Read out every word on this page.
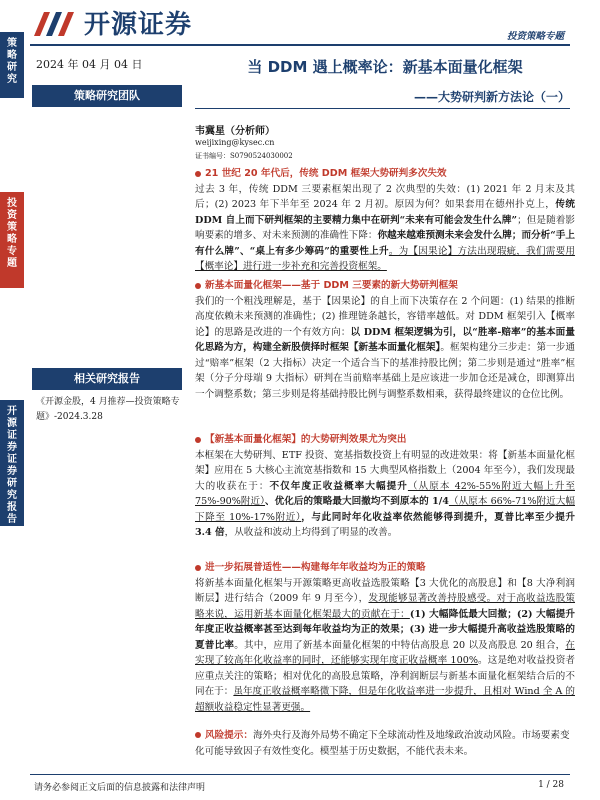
开源证券	投资策略专题
策
略
研
究
投
资
策
略
专
题
开
源
证
券
证
券
研
究
报
告
2024 年 04 月 04 日
策略研究团队
相关研究报告
《开源金股，4 月推荐—投资策略专题》-2024.3.28
当 DDM 遇上概率论：新基本面量化框架
——大势研判新方法论（一）
韦冀星（分析师）
weijixing@kysec.cn
证书编号：S0790524030002
21 世纪 20 年代后，传统 DDM 框架大势研判多次失效

过去 3 年，传统 DDM 三要素框架出现了 2 次典型的失效：(1) 2021 年 2 月末及其后；(2) 2023 年下半年至 2024 年 2 月初。原因为何？如果套用在德州扑克上，传统 DDM 自上而下研判框架的主要精力集中在研判“未来有可能会发生什么牌”；但是随着影响要素的增多、对未来预测的准确性下降：你越来越难预测未来会发什么牌；而分析“手上有什么牌”、“桌上有多少筹码”的重要性上升。为【因果论】方法出现瑕疵，我们需要用【概率论】进行进一步补充和完善投资框架。

新基本面量化框架——基于 DDM 三要素的新大势研判框架

我们的一个粗浅理解是，基于【因果论】的自上而下决策存在 2 个问题：(1) 结果的推断高度依赖未来预测的准确性；(2) 推理链条越长，容错率越低。对 DDM 框架引入【概率论】的思路是改进的一个有效方向：以 DDM 框架逻辑为引，以“胜率-赔率”的基本面量化思路为方，构建全新股债择时框架【新基本面量化框架】。框架构建分三步走：第一步通过“赔率”框架（2 大指标）决定一个适合当下的基准持股比例；第二步则是通过“胜率”框架（分子分母端 9 大指标）研判在当前赔率基础上是应该进一步加仓还是减仓，即测算出一个调整系数；第三步则是将基础持股比例与调整系数相乘，获得最终建议的仓位比例。

【新基本面量化框架】的大势研判效果尤为突出

本框架在大势研判、ETF 投资、宽基指数投资上有明显的改进效果：将【新基本面量化框架】应用在 5 大核心主流宽基指数和 15 大典型风格指数上（2004 年至今），我们发现最大的收获在于：不仅年度正收益概率大幅提升（从原本 42%-55%附近大幅上升至 75%-90%附近）、优化后的策略最大回撤均不到原本的 1/4（从原本 66%-71%附近大幅下降至 10%-17%附近），与此同时年化收益率依然能够得到提升，夏普比率至少提升 3.4 倍，从收益和波动上均得到了明显的改善。

进一步拓展普适性——构建每年年收益均为正的策略

将新基本面量化框架与开源策略更高收益选股策略【3 大优化的高股息】和【8 大净利润断层】进行结合（2009 年 9 月至今），发现能够显著改善持股感受。对于高收益选股策略来说，运用新基本面量化框架最大的贡献在于：(1) 大幅降低最大回撤；(2) 大幅提升年度正收益概率甚至达到每年收益均为正的效果；(3) 进一步大幅提升高收益选股策略的夏普比率。其中，应用了新基本面量化框架的中特估高股息 20 以及高股息 20 组合，在实现了较高年化收益率的同时，还能够实现年度正收益概率 100%。这是绝对收益投资者应重点关注的策略；相对优化的高股息策略，净利润断层与新基本面量化框架结合后的不同在于：虽年度正收益概率略微下降，但是年化收益率进一步提升，且相对 Wind 全 A 的超额收益稳定性显著更强。

风险提示：海外央行及海外局势不确定下全球流动性及地缘政治波动风险。市场要素变化可能导致因子有效性变化。模型基于历史数据，不能代表未来。
请务必参阅正文后面的信息披露和法律声明	1 / 28
